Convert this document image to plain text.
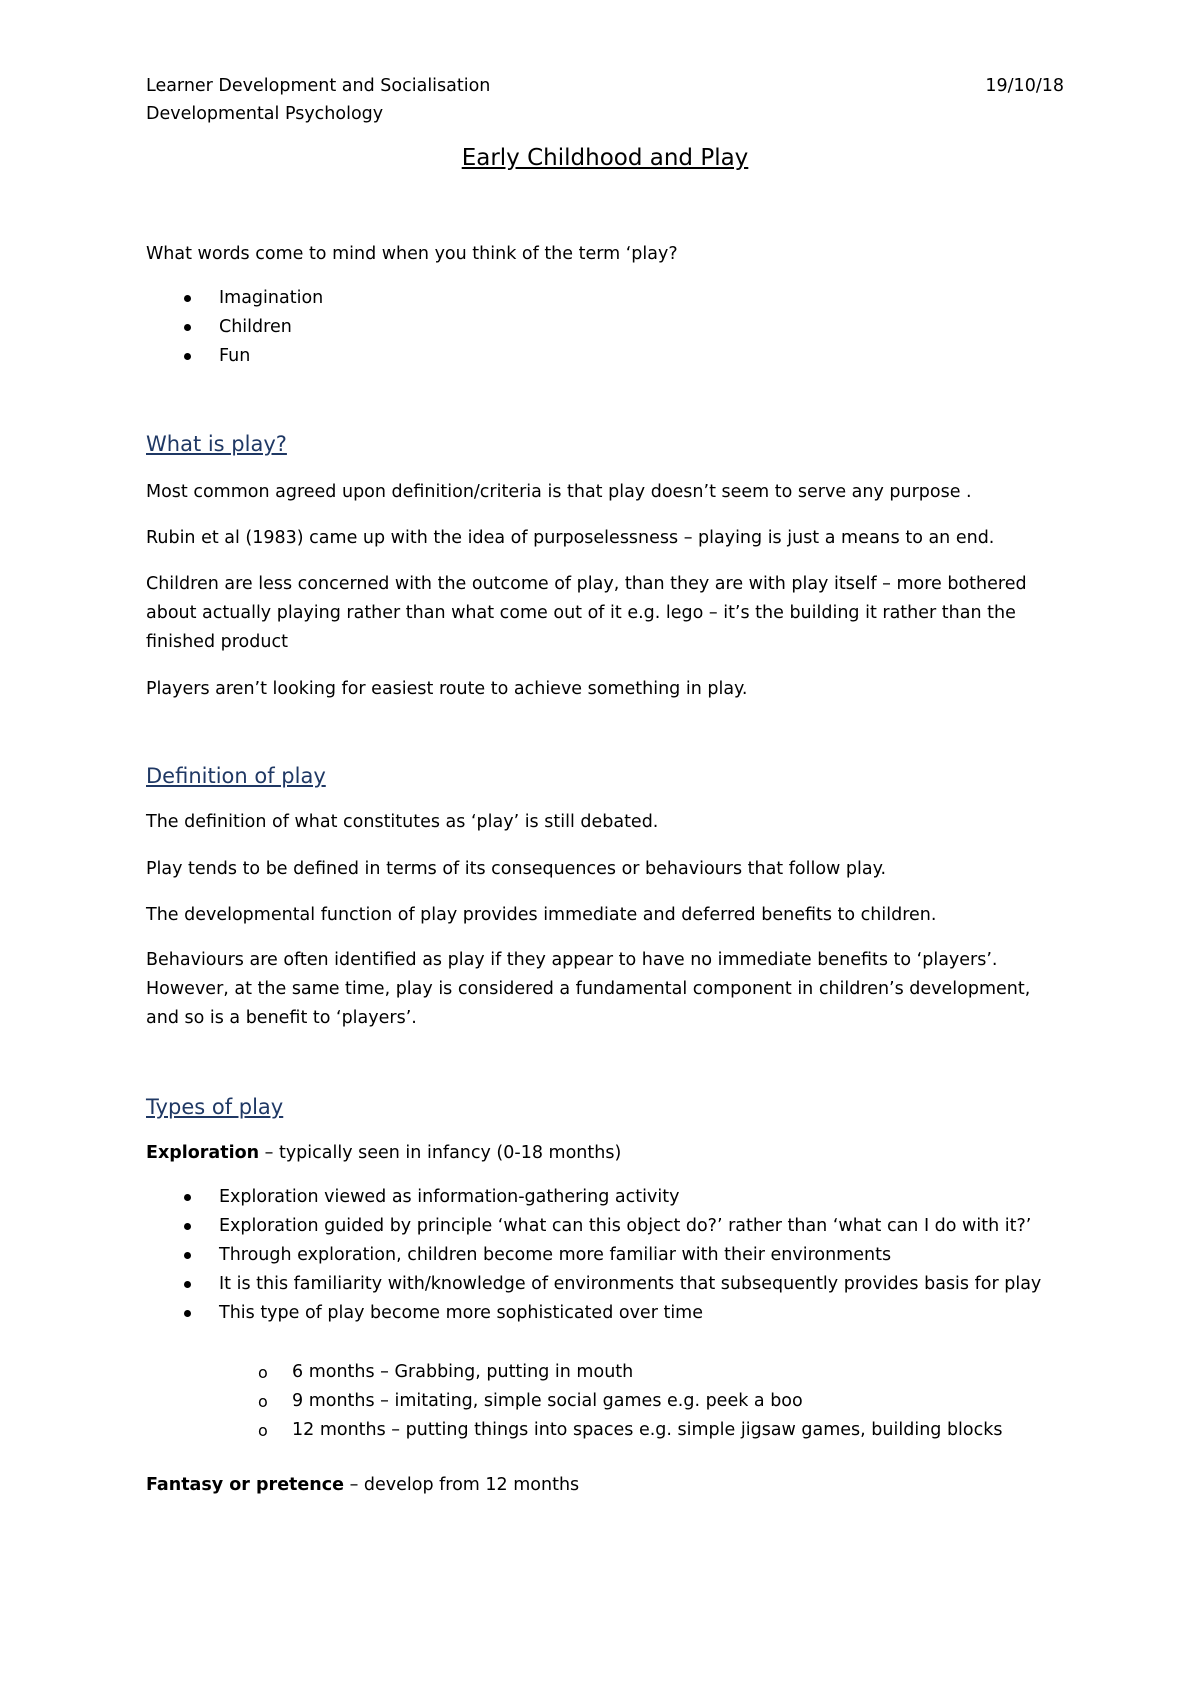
Learner Development and Socialisation	19/10/18
Developmental Psychology
Early Childhood and Play

What words come to mind when you think of the term ‘play?

Imagination
Children
Fun
What is play?

Most common agreed upon definition/criteria is that play doesn’t seem to serve any purpose .

Rubin et al (1983) came up with the idea of purposelessness – playing is just a means to an end.

Children are less concerned with the outcome of play, than they are with play itself – more bothered about actually playing rather than what come out of it e.g. lego – it’s the building it rather than the finished product

Players aren’t looking for easiest route to achieve something in play.

Definition of play

The definition of what constitutes as ‘play’ is still debated.

Play tends to be defined in terms of its consequences or behaviours that follow play.

The developmental function of play provides immediate and deferred benefits to children.

Behaviours are often identified as play if they appear to have no immediate benefits to ‘players’. However, at the same time, play is considered a fundamental component in children’s development, and so is a benefit to ‘players’.

Types of play

Exploration – typically seen in infancy (0-18 months)

Exploration viewed as information-gathering activity
Exploration guided by principle ‘what can this object do?’ rather than ‘what can I do with it?’
Through exploration, children become more familiar with their environments
It is this familiarity with/knowledge of environments that subsequently provides basis for play
This type of play become more sophisticated over time
o 6 months – Grabbing, putting in mouth
o 9 months – imitating, simple social games e.g. peek a boo
o 12 months – putting things into spaces e.g. simple jigsaw games, building blocks

Fantasy or pretence – develop from 12 months
